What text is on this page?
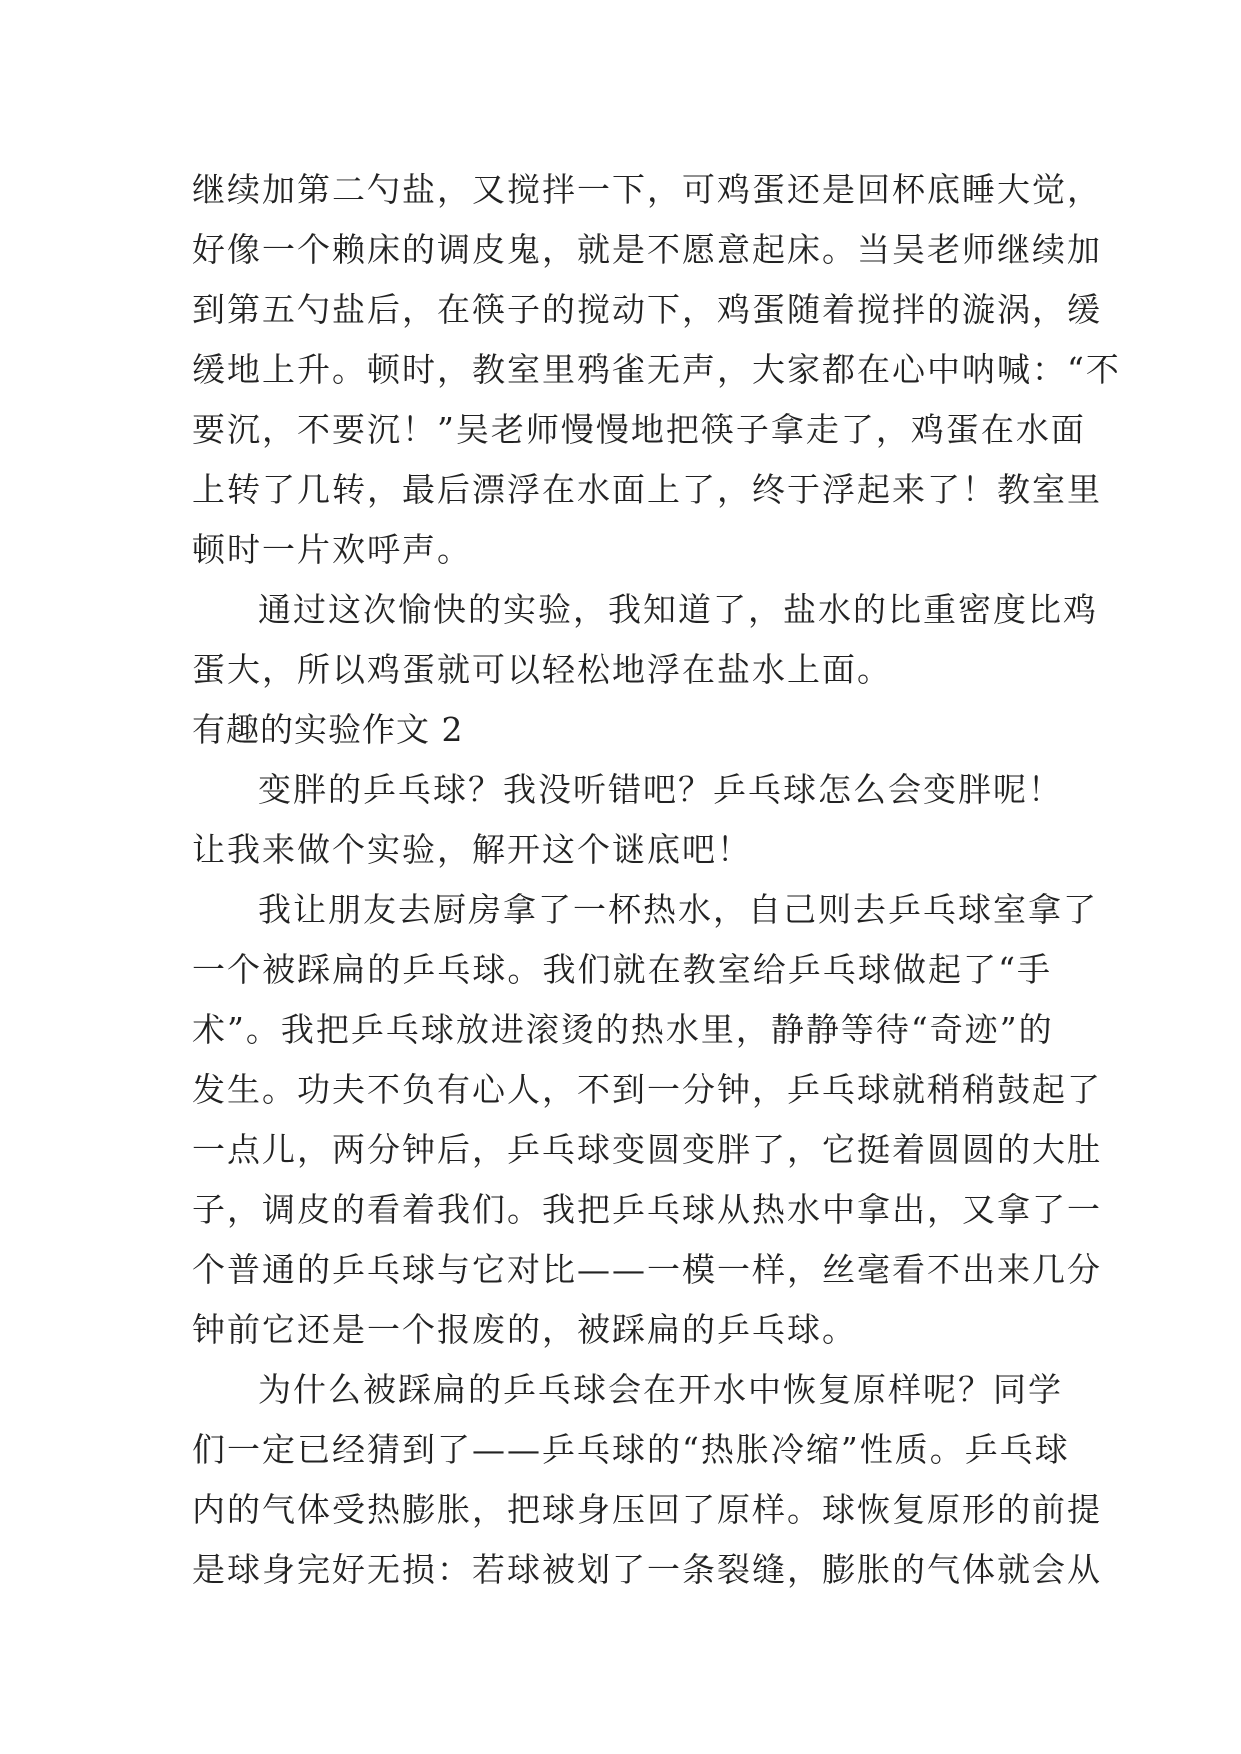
继续加第二勺盐，又搅拌一下，可鸡蛋还是回杯底睡大觉，
好像一个赖床的调皮鬼，就是不愿意起床。当吴老师继续加
到第五勺盐后，在筷子的搅动下，鸡蛋随着搅拌的漩涡，缓
缓地上升。顿时，教室里鸦雀无声，大家都在心中呐喊：“不
要沉，不要沉！”吴老师慢慢地把筷子拿走了，鸡蛋在水面
上转了几转，最后漂浮在水面上了，终于浮起来了！教室里
顿时一片欢呼声。
通过这次愉快的实验，我知道了，盐水的比重密度比鸡
蛋大，所以鸡蛋就可以轻松地浮在盐水上面。
有趣的实验作文 2
变胖的乒乓球？我没听错吧？乒乓球怎么会变胖呢！
让我来做个实验，解开这个谜底吧！
我让朋友去厨房拿了一杯热水，自己则去乒乓球室拿了
一个被踩扁的乒乓球。我们就在教室给乒乓球做起了“手
术”。我把乒乓球放进滚烫的热水里，静静等待“奇迹”的
发生。功夫不负有心人，不到一分钟，乒乓球就稍稍鼓起了
一点儿，两分钟后，乒乓球变圆变胖了，它挺着圆圆的大肚
子，调皮的看着我们。我把乒乓球从热水中拿出，又拿了一
个普通的乒乓球与它对比——一模一样，丝毫看不出来几分
钟前它还是一个报废的，被踩扁的乒乓球。
为什么被踩扁的乒乓球会在开水中恢复原样呢？同学
们一定已经猜到了——乒乓球的“热胀冷缩”性质。乒乓球
内的气体受热膨胀，把球身压回了原样。球恢复原形的前提
是球身完好无损：若球被划了一条裂缝，膨胀的气体就会从
